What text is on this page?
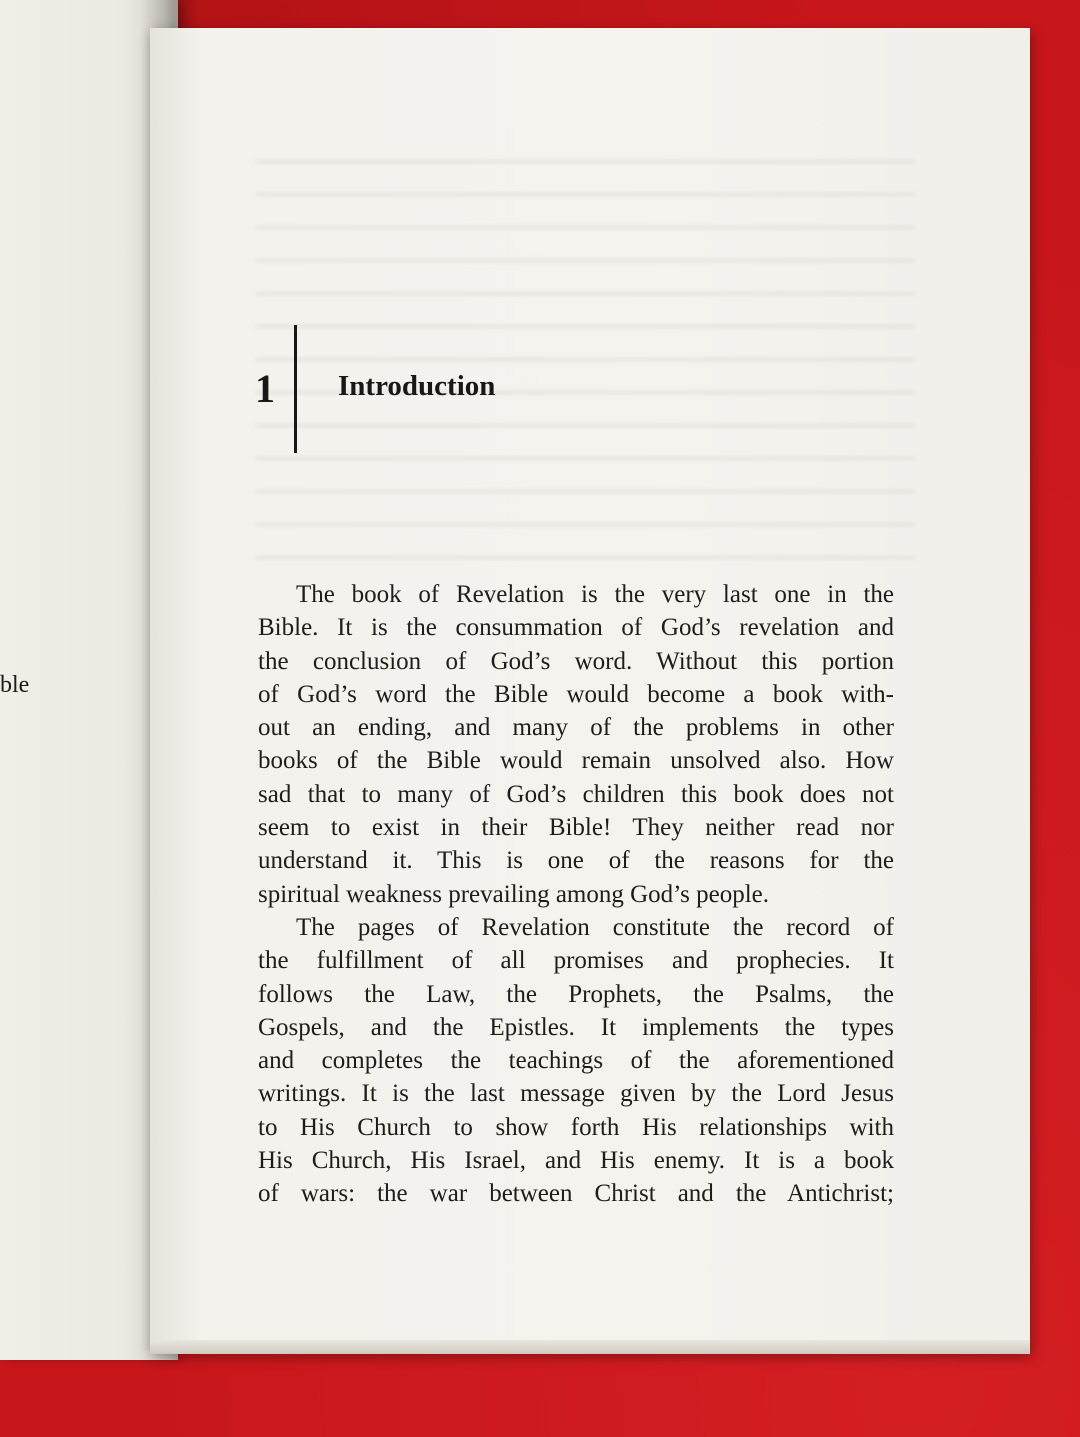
ble
1 Introduction
The book of Revelation is the very last one in the
Bible. It is the consummation of God’s revelation and
the conclusion of God’s word. Without this portion
of God’s word the Bible would become a book with-
out an ending, and many of the problems in other
books of the Bible would remain unsolved also. How
sad that to many of God’s children this book does not
seem to exist in their Bible! They neither read nor
understand it. This is one of the reasons for the
spiritual weakness prevailing among God’s people.
The pages of Revelation constitute the record of
the fulfillment of all promises and prophecies. It
follows the Law, the Prophets, the Psalms, the
Gospels, and the Epistles. It implements the types
and completes the teachings of the aforementioned
writings. It is the last message given by the Lord Jesus
to His Church to show forth His relationships with
His Church, His Israel, and His enemy. It is a book
of wars: the war between Christ and the Antichrist;
